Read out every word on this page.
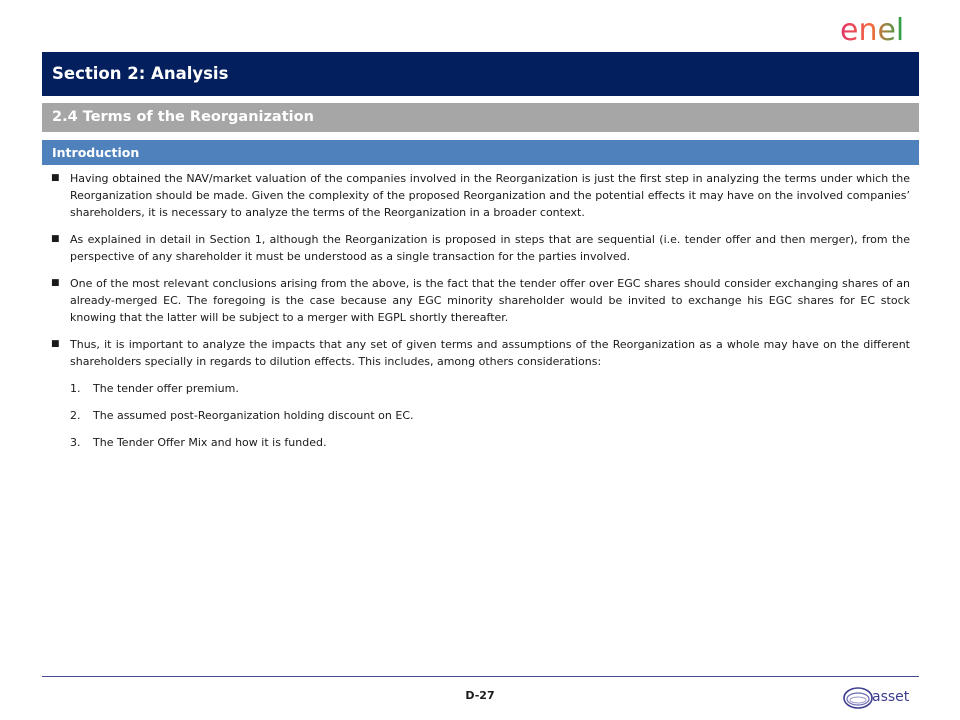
enel
Section 2: Analysis
2.4 Terms of the Reorganization
Introduction
■ Having obtained the NAV/market valuation of the companies involved in the Reorganization is just the first step in analyzing the terms under which the Reorganization should be made. Given the complexity of the proposed Reorganization and the potential effects it may have on the involved companies’ shareholders, it is necessary to analyze the terms of the Reorganization in a broader context.
■ As explained in detail in Section 1, although the Reorganization is proposed in steps that are sequential (i.e. tender offer and then merger), from the perspective of any shareholder it must be understood as a single transaction for the parties involved.
■ One of the most relevant conclusions arising from the above, is the fact that the tender offer over EGC shares should consider exchanging shares of an already-merged EC. The foregoing is the case because any EGC minority shareholder would be invited to exchange his EGC shares for EC stock knowing that the latter will be subject to a merger with EGPL shortly thereafter.
■ Thus, it is important to analyze the impacts that any set of given terms and assumptions of the Reorganization as a whole may have on the different shareholders specially in regards to dilution effects. This includes, among others considerations:
1. The tender offer premium.
2. The assumed post-Reorganization holding discount on EC.
3. The Tender Offer Mix and how it is funded.
D-27	asset
